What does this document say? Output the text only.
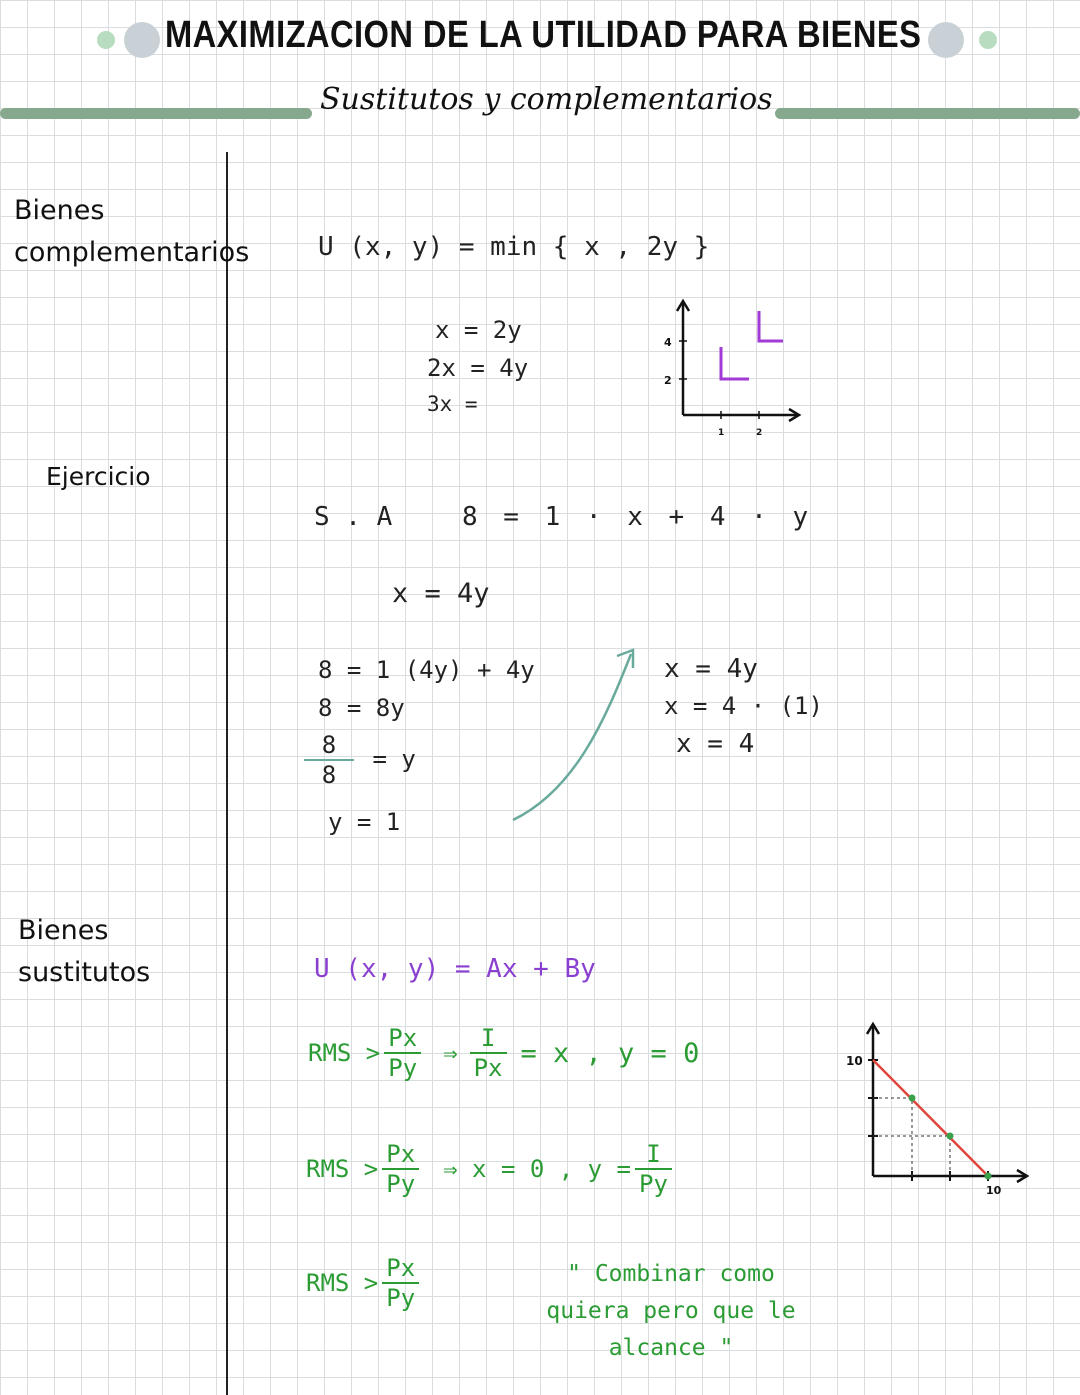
MAXIMIZACION DE LA UTILIDAD PARA BIENES
Sustitutos y complementarios
Bienes
complementarios	U (x, y) = min { x , 2y }
x = 2y
2x = 4y
3x =
4
2
1	2
Ejercicio
S . A	8 = 1 · x + 4 · y
x = 4y
8 = 1 (4y) + 4y
8 = 8y
$\frac{8}{8} = y$
y = 1
x = 4y
x = 4 · (1)
x = 4
Bienes
sustitutos	U (x, y) = Ax + By
RMS > $\frac{Px}{Py}$ ⇒ $\frac{I}{Px} = x$ , y = 0
RMS > $\frac{Px}{Py}$ ⇒ x = 0 , $y = \frac{I}{Py}$
RMS > $\frac{Px}{Py}$	" Combinar como
quiera pero que le
alcance "
10
10
